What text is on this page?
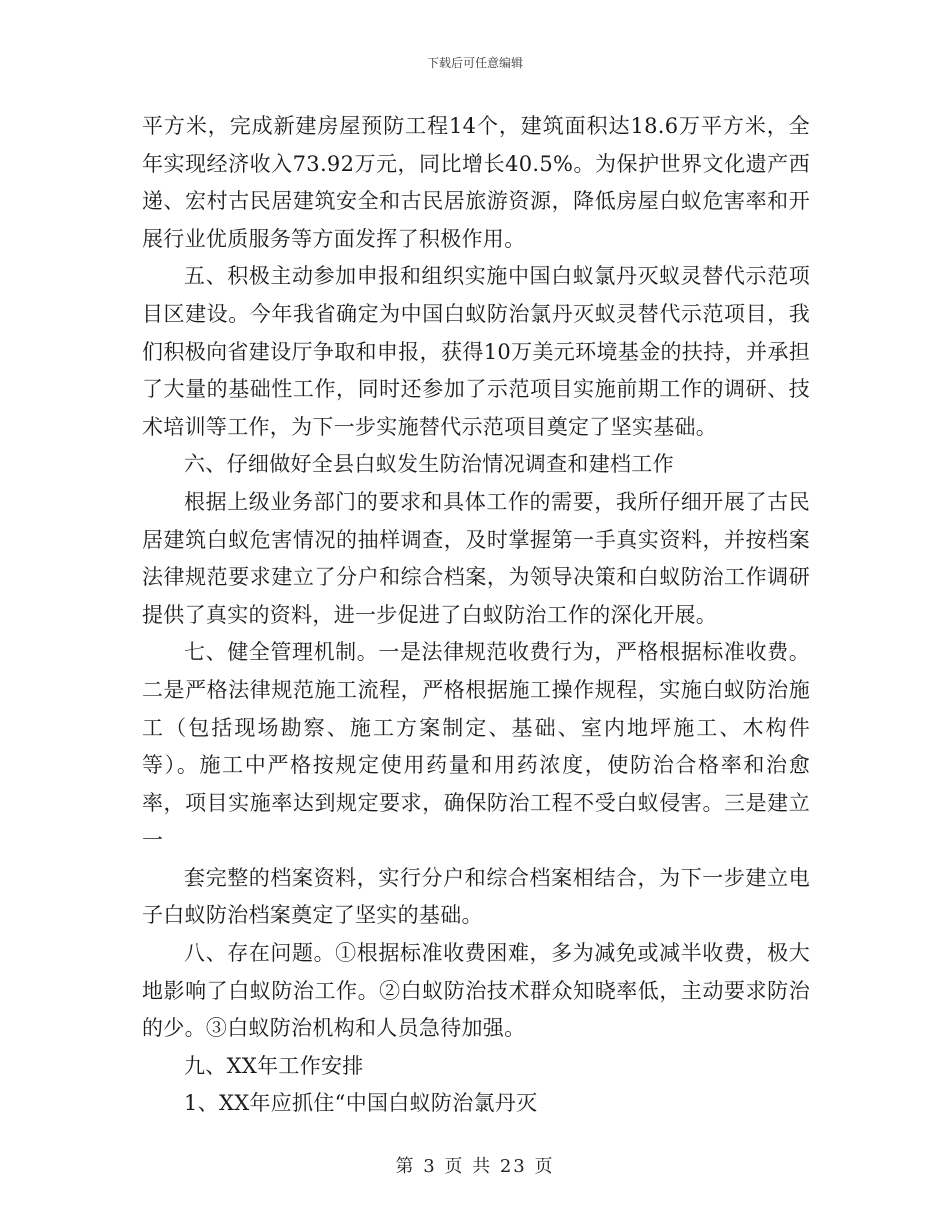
下载后可任意编辑

平方米，完成新建房屋预防工程14个，建筑面积达18.6万平方米，全年实现经济收入73.92万元，同比增长40.5%。为保护世界文化遗产西递、宏村古民居建筑安全和古民居旅游资源，降低房屋白蚁危害率和开展行业优质服务等方面发挥了积极作用。

五、积极主动参加申报和组织实施中国白蚁氯丹灭蚁灵替代示范项目区建设。今年我省确定为中国白蚁防治氯丹灭蚁灵替代示范项目，我们积极向省建设厅争取和申报，获得10万美元环境基金的扶持，并承担了大量的基础性工作，同时还参加了示范项目实施前期工作的调研、技术培训等工作，为下一步实施替代示范项目奠定了坚实基础。

六、仔细做好全县白蚁发生防治情况调查和建档工作

根据上级业务部门的要求和具体工作的需要，我所仔细开展了古民居建筑白蚁危害情况的抽样调查，及时掌握第一手真实资料，并按档案法律规范要求建立了分户和综合档案，为领导决策和白蚁防治工作调研提供了真实的资料，进一步促进了白蚁防治工作的深化开展。

七、健全管理机制。一是法律规范收费行为，严格根据标准收费。二是严格法律规范施工流程，严格根据施工操作规程，实施白蚁防治施工（包括现场勘察、施工方案制定、基础、室内地坪施工、木构件等）。施工中严格按规定使用药量和用药浓度，使防治合格率和治愈率，项目实施率达到规定要求，确保防治工程不受白蚁侵害。三是建立一

套完整的档案资料，实行分户和综合档案相结合，为下一步建立电子白蚁防治档案奠定了坚实的基础。

八、存在问题。①根据标准收费困难，多为减免或减半收费，极大地影响了白蚁防治工作。②白蚁防治技术群众知晓率低，主动要求防治的少。③白蚁防治机构和人员急待加强。

九、XX年工作安排

1、XX年应抓住“中国白蚁防治氯丹灭

第 3 页 共 23 页
